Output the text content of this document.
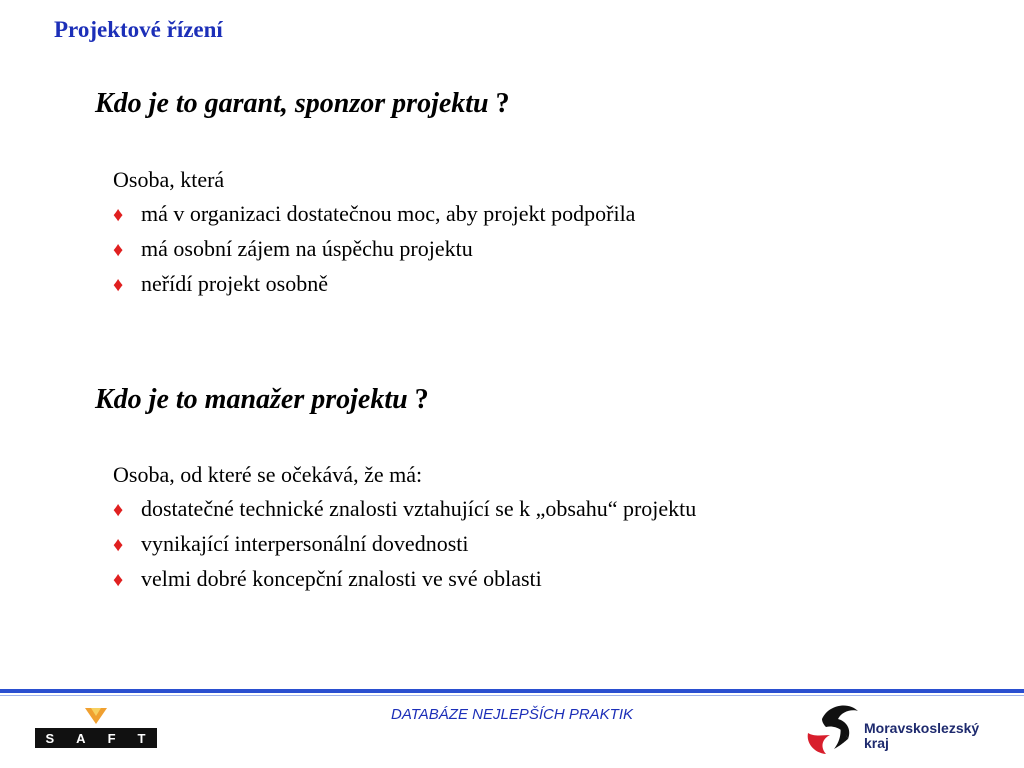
Projektové řízení
Kdo je to garant, sponzor projektu ?
Osoba, která
♦ má v organizaci dostatečnou moc, aby projekt podpořila
♦ má osobní zájem na úspěchu projektu
♦ neřídí projekt osobně
Kdo je to manažer projektu ?
Osoba, od které se očekává, že má:
♦ dostatečné technické znalosti vztahující se k „obsahu“ projektu
♦ vynikající interpersonální dovednosti
♦ velmi dobré koncepční znalosti ve své oblasti
DATABÁZE NEJLEPŠÍCH PRAKTIK
S A F T
Moravskoslezský
kraj
